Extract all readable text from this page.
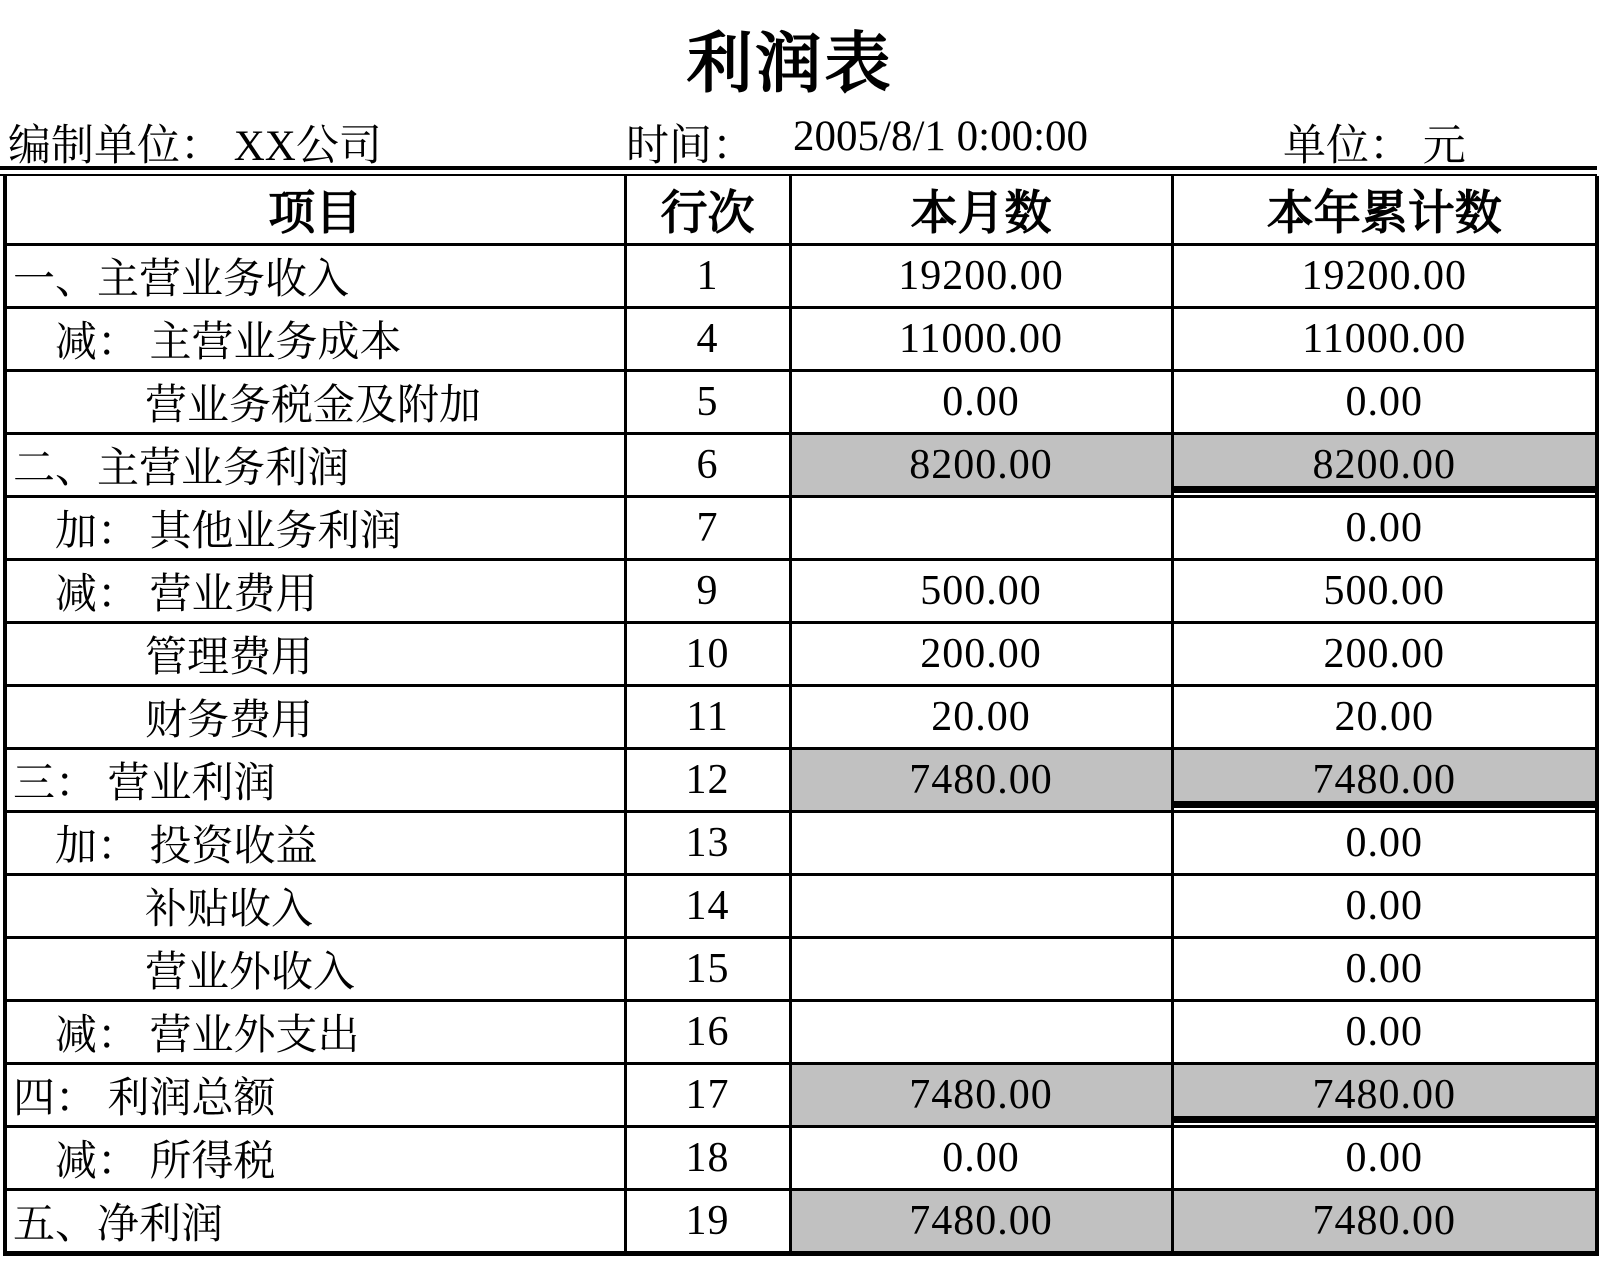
利润表
编制单位： XX公司	时间： 2005/8/1 0:00:00	单位： 元
项目	行次	本月数	本年累计数
一、主营业务收入	1	19200.00	19200.00
减： 主营业务成本	4	11000.00	11000.00
营业务税金及附加	5	0.00	0.00
二、主营业务利润	6	8200.00	8200.00
加： 其他业务利润	7		0.00
减： 营业费用	9	500.00	500.00
管理费用	10	200.00	200.00
财务费用	11	20.00	20.00
三： 营业利润	12	7480.00	7480.00
加： 投资收益	13		0.00
补贴收入	14		0.00
营业外收入	15		0.00
减： 营业外支出	16		0.00
四： 利润总额	17	7480.00	7480.00
减： 所得税	18	0.00	0.00
五、净利润	19	7480.00	7480.00
